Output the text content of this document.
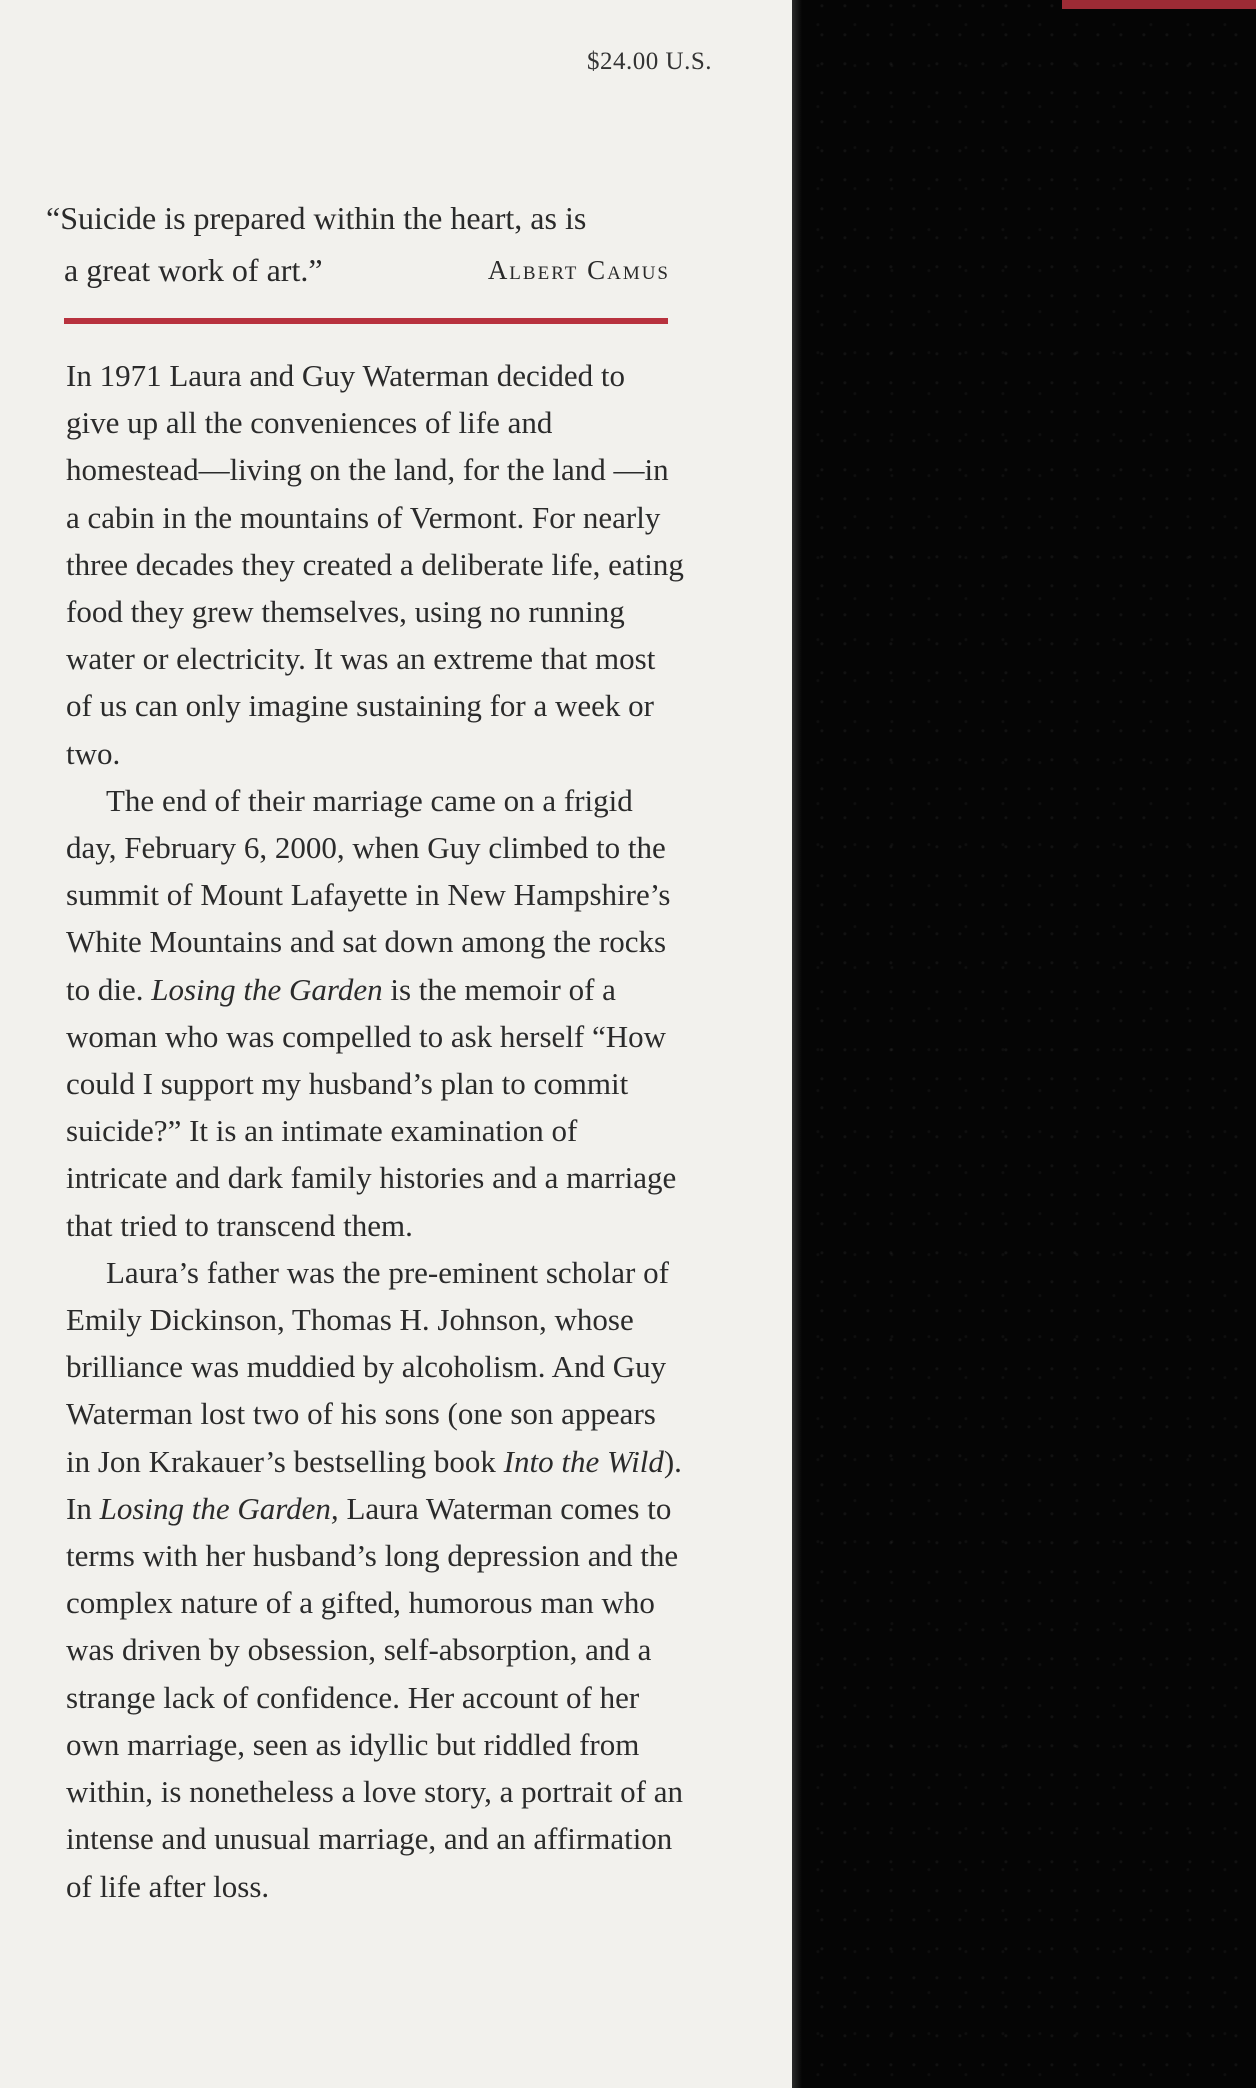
$24.00 U.S.
“Suicide is prepared within the heart, as is
a great work of art.”	Albert Camus

In 1971 Laura and Guy Waterman decided to give up all the conveniences of life and homestead—living on the land, for the land —in a cabin in the mountains of Vermont. For nearly three decades they created a deliberate life, eating food they grew themselves, using no running water or electricity. It was an extreme that most of us can only imagine sustaining for a week or two.

The end of their marriage came on a frigid day, February 6, 2000, when Guy climbed to the summit of Mount Lafayette in New Hampshire’s White Mountains and sat down among the rocks to die. Losing the Garden is the memoir of a woman who was compelled to ask herself “How could I support my husband’s plan to commit suicide?” It is an intimate examination of intricate and dark family histories and a marriage that tried to transcend them.

Laura’s father was the pre-eminent scholar of Emily Dickinson, Thomas H. Johnson, whose brilliance was muddied by alcoholism. And Guy Waterman lost two of his sons (one son appears in Jon Krakauer’s bestselling book Into the Wild). In Losing the Garden, Laura Waterman comes to terms with her husband’s long depression and the complex nature of a gifted, humorous man who was driven by obsession, self-absorption, and a strange lack of confidence. Her account of her own marriage, seen as idyllic but riddled from within, is nonetheless a love story, a portrait of an intense and unusual marriage, and an affirmation of life after loss.
